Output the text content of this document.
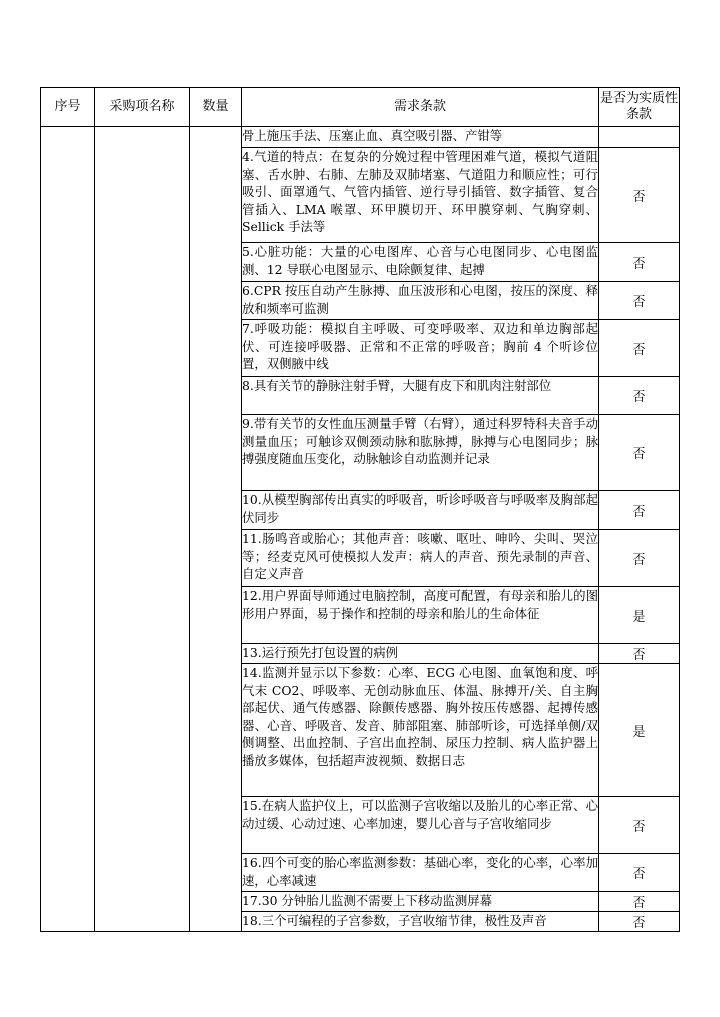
序号	采购项名称	数量	需求条款	是否为实质性条款
			骨上施压手法、压塞止血、真空吸引器、产钳等	
			4.气道的特点：在复杂的分娩过程中管理困难气道，模拟气道阻塞、舌水肿、右肺、左肺及双肺堵塞、气道阻力和顺应性；可行吸引、面罩通气、气管内插管、逆行导引插管、数字插管、复合管插入、LMA 喉罩、环甲膜切开、环甲膜穿刺、气胸穿刺、Sellick 手法等	否
			5.心脏功能：大量的心电图库、心音与心电图同步、心电图监测、12 导联心电图显示、电除颤复律、起搏	否
			6.CPR 按压自动产生脉搏、血压波形和心电图，按压的深度、释放和频率可监测	否
			7.呼吸功能：模拟自主呼吸、可变呼吸率、双边和单边胸部起伏、可连接呼吸器、正常和不正常的呼吸音；胸前 4 个听诊位置，双侧腋中线	否
			8.具有关节的静脉注射手臂，大腿有皮下和肌肉注射部位	否
			9.带有关节的女性血压测量手臂（右臂），通过科罗特科夫音手动测量血压；可触诊双侧颈动脉和肱脉搏，脉搏与心电图同步；脉搏强度随血压变化，动脉触诊自动监测并记录	否
			10.从模型胸部传出真实的呼吸音，听诊呼吸音与呼吸率及胸部起伏同步	否
			11.肠鸣音或胎心；其他声音：咳嗽、呕吐、呻吟、尖叫、哭泣等；经麦克风可使模拟人发声：病人的声音、预先录制的声音、自定义声音	否
			12.用户界面导师通过电脑控制，高度可配置，有母亲和胎儿的图形用户界面，易于操作和控制的母亲和胎儿的生命体征	是
			13.运行预先打包设置的病例	否
			14.监测并显示以下参数：心率、ECG 心电图、血氧饱和度、呼气末 CO2、呼吸率、无创动脉血压、体温、脉搏开/关、自主胸部起伏、通气传感器、除颤传感器、胸外按压传感器、起搏传感器、心音、呼吸音、发音、肺部阻塞、肺部听诊，可选择单侧/双侧调整、出血控制、子宫出血控制、尿压力控制、病人监护器上播放多媒体，包括超声波视频、数据日志	是
			15.在病人监护仪上，可以监测子宫收缩以及胎儿的心率正常、心动过缓、心动过速、心率加速，婴儿心音与子宫收缩同步	否
			16.四个可变的胎心率监测参数：基础心率，变化的心率，心率加速，心率减速	否
			17.30 分钟胎儿监测不需要上下移动监测屏幕	否
			18.三个可编程的子宫参数，子宫收缩节律，极性及声音	否
